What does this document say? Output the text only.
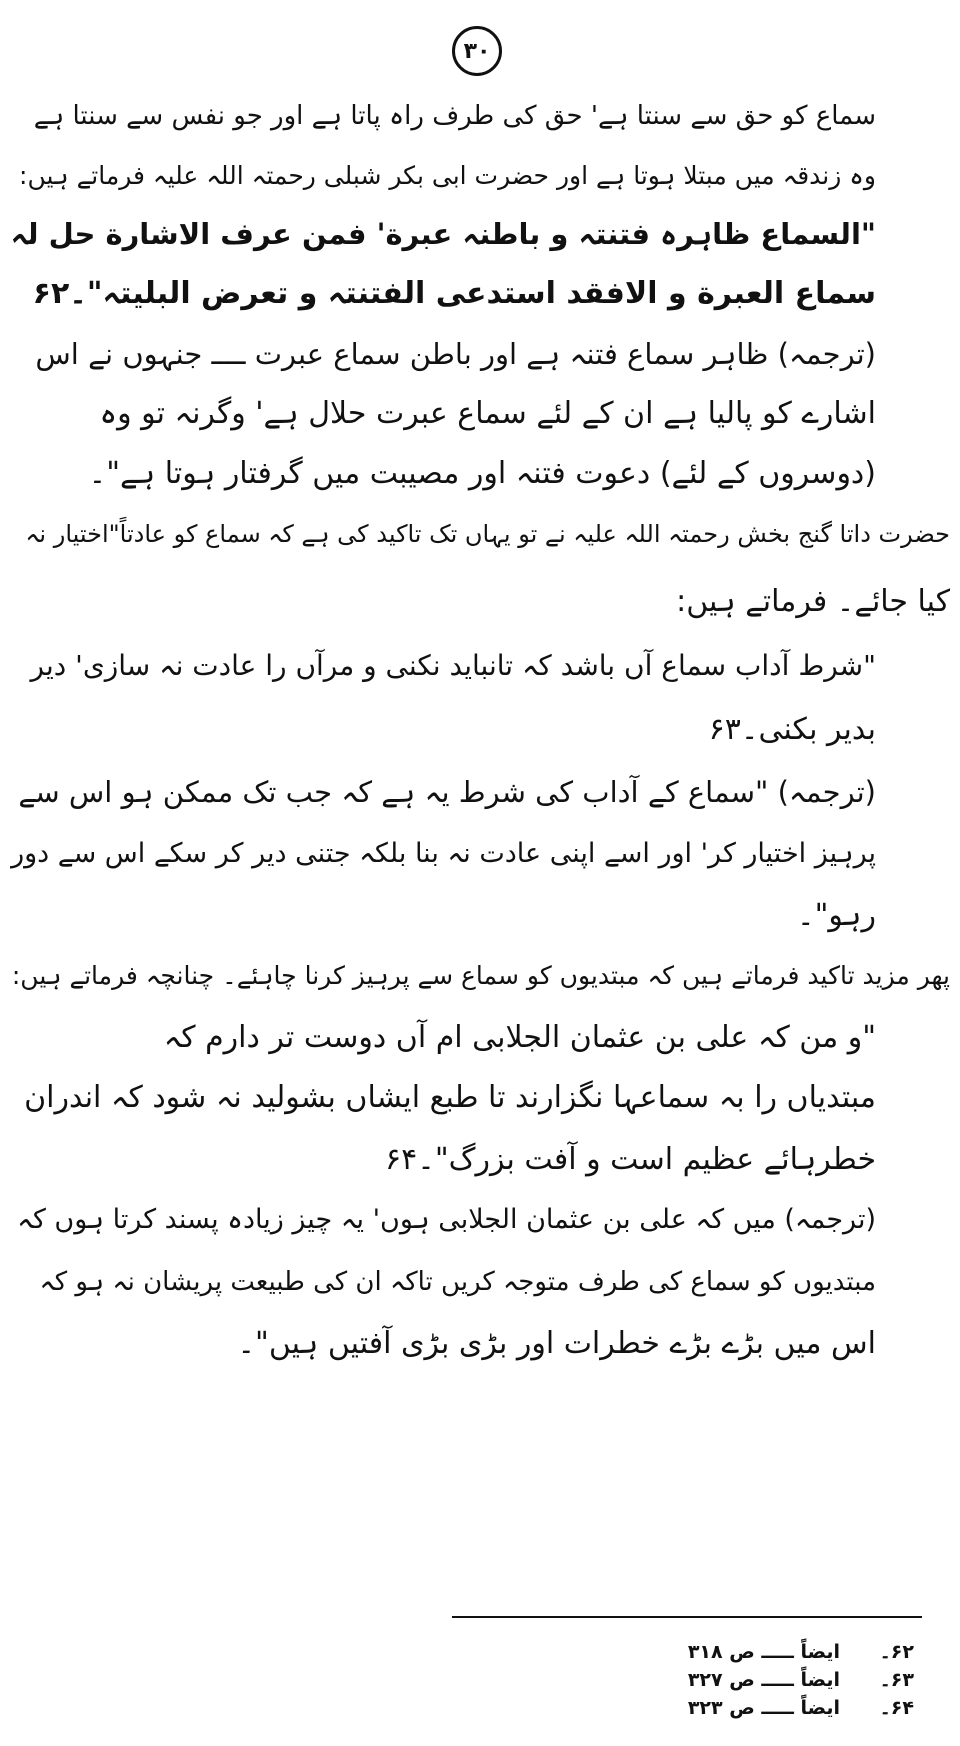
۳۰
سماع کو حق سے سنتا ہے' حق کی طرف راہ پاتا ہے اور جو نفس سے سنتا ہے
وہ زندقہ میں مبتلا ہوتا ہے اور حضرت ابی بکر شبلی رحمتہ اللہ علیہ فرماتے ہیں:
"السماع ظاہرہ فتنتہ و باطنہ عبرة' فمن عرف الاشارة حل لہ
سماع العبرة و الافقد استدعی الفتنتہ و تعرض البلیتہ"۔۶۲
(ترجمہ) ظاہر سماع فتنہ ہے اور باطن سماع عبرت ــــ جنہوں نے اس
اشارے کو پالیا ہے ان کے لئے سماع عبرت حلال ہے' وگرنہ تو وہ
(دوسروں کے لئے) دعوت فتنہ اور مصیبت میں گرفتار ہوتا ہے"۔
حضرت داتا گنج بخش رحمتہ اللہ علیہ نے تو یہاں تک تاکید کی ہے کہ سماع کو عادتاً"اختیار نہ
کیا جائے۔ فرماتے ہیں:
"شرط آداب سماع آں باشد کہ تانباید نکنی و مرآں را عادت نہ سازی' دیر
بدیر بکنی۔۶۳
(ترجمہ) "سماع کے آداب کی شرط یہ ہے کہ جب تک ممکن ہو اس سے
پرہیز اختیار کر' اور اسے اپنی عادت نہ بنا بلکہ جتنی دیر کر سکے اس سے دور
رہو"۔
پھر مزید تاکید فرماتے ہیں کہ مبتدیوں کو سماع سے پرہیز کرنا چاہئے۔ چنانچہ فرماتے ہیں:
"و من کہ علی بن عثمان الجلابی ام آں دوست تر دارم کہ
مبتدیاں را بہ سماعہا نگزارند تا طبع ایشاں بشولید نہ شود کہ اندران
خطرہائے عظیم است و آفت بزرگ"۔۶۴
(ترجمہ) میں کہ علی بن عثمان الجلابی ہوں' یہ چیز زیادہ پسند کرتا ہوں کہ
مبتدیوں کو سماع کی طرف متوجہ کریں تاکہ ان کی طبیعت پریشان نہ ہو کہ
اس میں بڑے بڑے خطرات اور بڑی بڑی آفتیں ہیں"۔
ایضاً ـــــ ص ۳۱۸ ۶۲۔
ایضاً ـــــ ص ۳۲۷ ۶۳۔
ایضاً ـــــ ص ۳۲۳ ۶۴۔
